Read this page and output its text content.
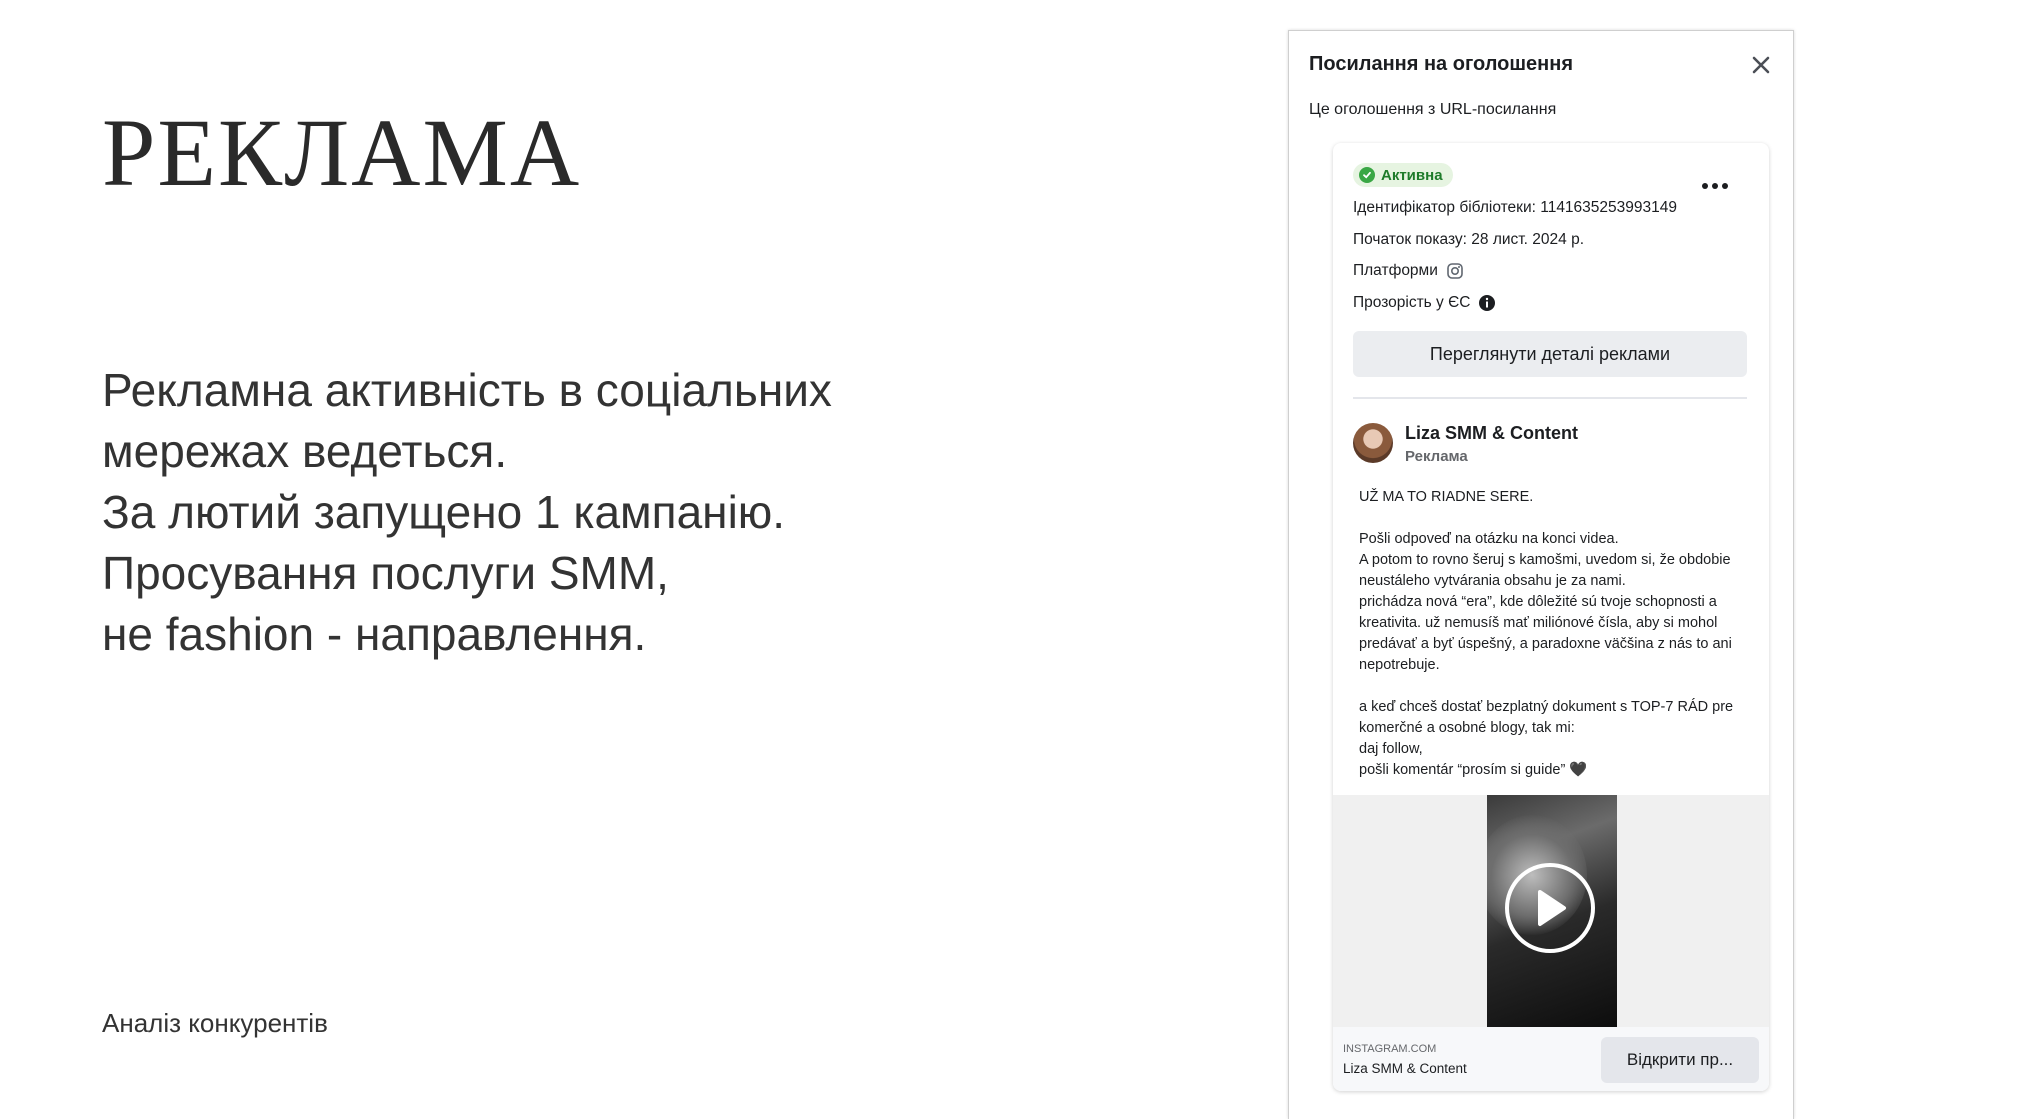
РЕКЛАМА
Рекламна активність в соціальних
мережах ведеться.
За лютий запущено 1 кампанію.
Просування послуги SMM,
не fashion - направлення.
Аналіз конкурентів
Посилання на оголошення
Це оголошення з URL-посилання
Активна
Ідентифікатор бібліотеки: 1141635253993149
Початок показу: 28 лист. 2024 р.
Платформи
Прозорість у ЄС
Переглянути деталі реклами
Liza SMM & Content
Реклама
UŽ MA TO RIADNE SERE.

Pošli odpoveď na otázku na konci videa.
A potom to rovno šeruj s kamošmi, uvedom si, že obdobie neustáleho vytvárania obsahu je za nami.
prichádza nová “era”, kde dôležité sú tvoje schopnosti a kreativita. už nemusíš mať miliónové čísla, aby si mohol predávať a byť úspešný, a paradoxne väčšina z nás to ani nepotrebuje.

a keď chceš dostať bezplatný dokument s TOP-7 RÁD pre komerčné a osobné blogy, tak mi:
daj follow,
pošli komentár “prosím si guide” 🖤
INSTAGRAM.COM
Liza SMM & Content	Відкрити пр...
